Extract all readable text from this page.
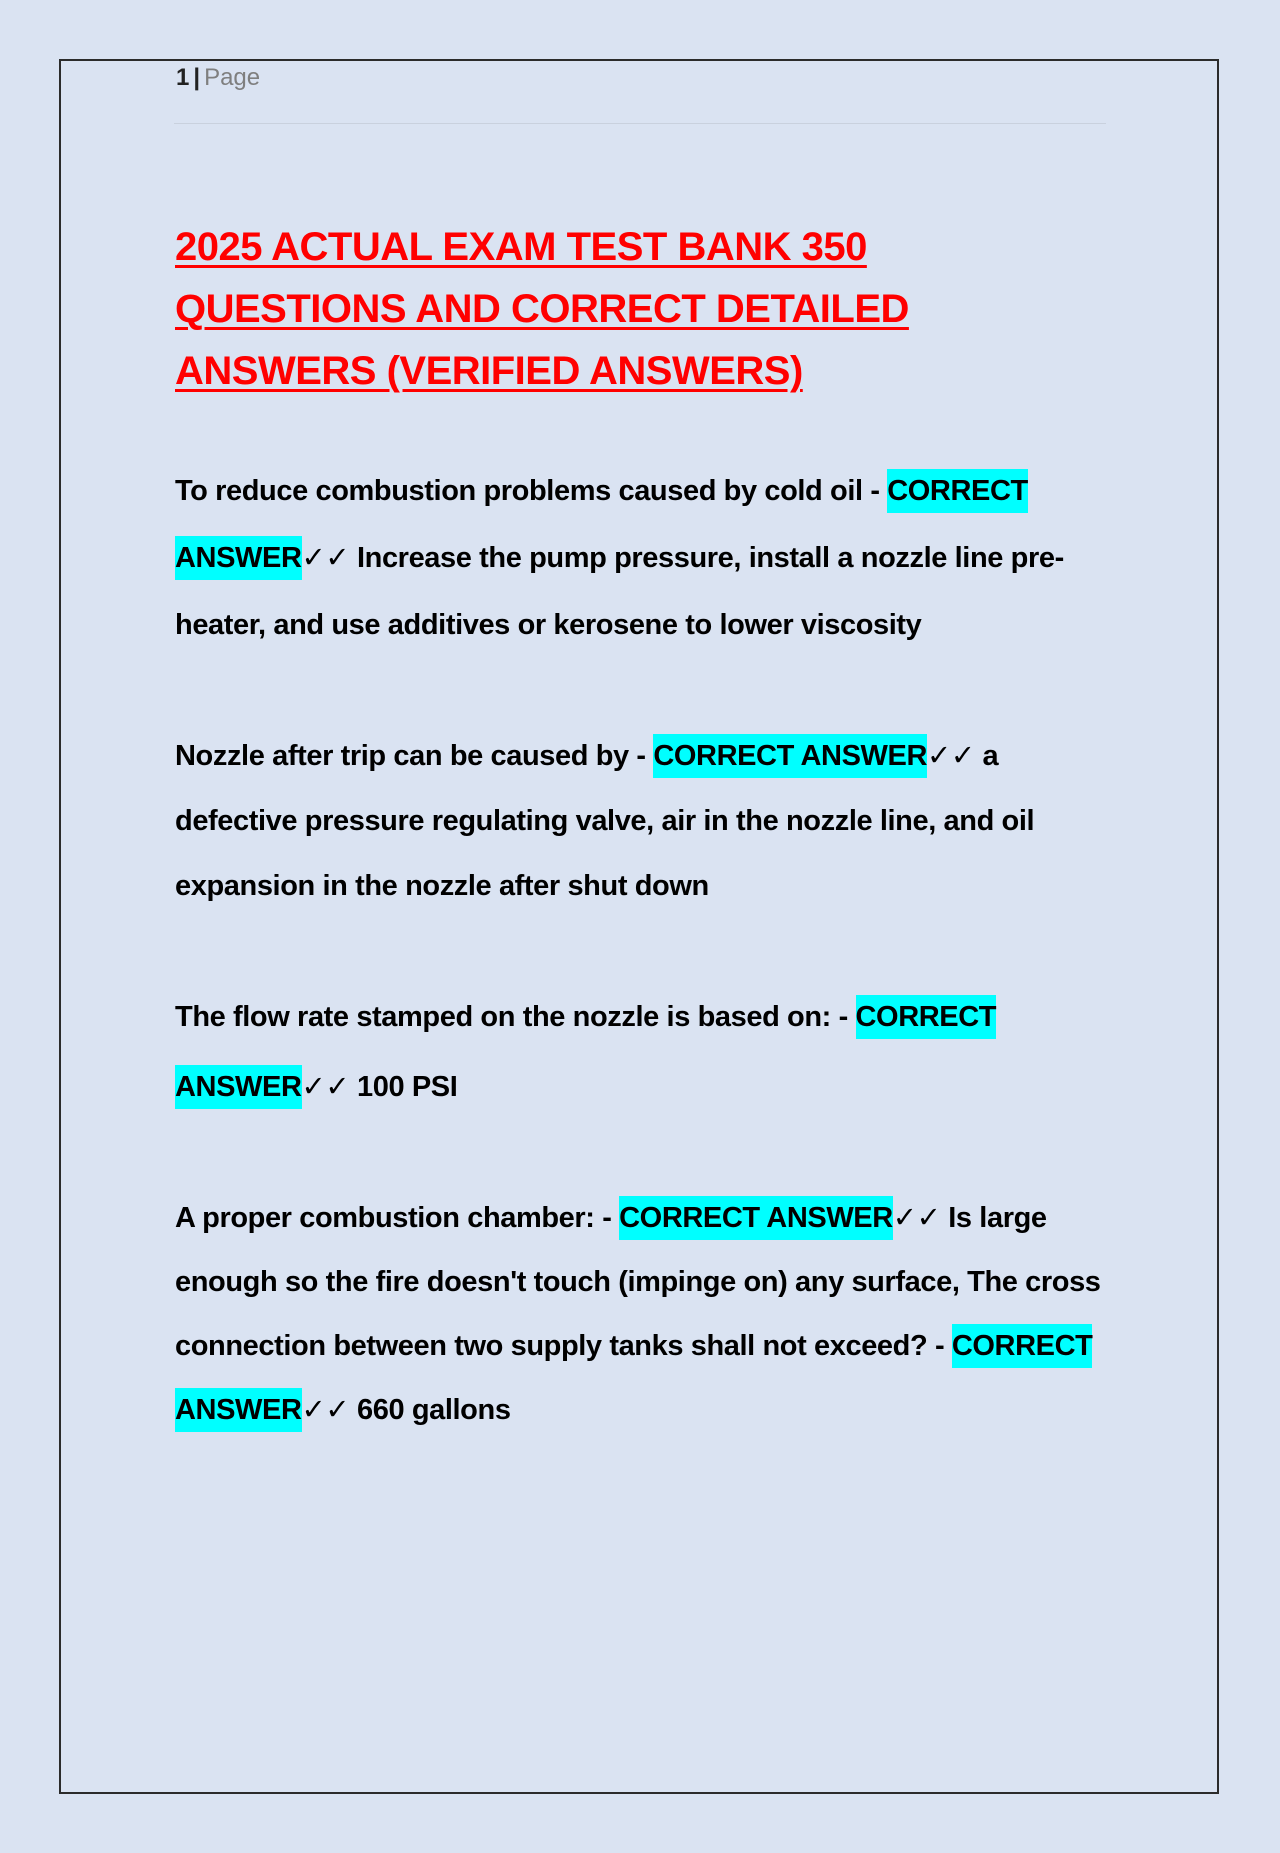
1 | Page
2025 ACTUAL EXAM TEST BANK 350 QUESTIONS AND CORRECT DETAILED ANSWERS (VERIFIED ANSWERS)

To reduce combustion problems caused by cold oil - CORRECT
ANSWER✓✓ Increase the pump pressure, install a nozzle line pre-heater, and use additives or kerosene to lower viscosity

Nozzle after trip can be caused by - CORRECT ANSWER✓✓ a defective pressure regulating valve, air in the nozzle line, and oil expansion in the nozzle after shut down

The flow rate stamped on the nozzle is based on: - CORRECT
ANSWER✓✓ 100 PSI

A proper combustion chamber: - CORRECT ANSWER✓✓ Is large enough so the fire doesn't touch (impinge on) any surface, The cross connection between two supply tanks shall not exceed? - CORRECT ANSWER✓✓ 660 gallons
